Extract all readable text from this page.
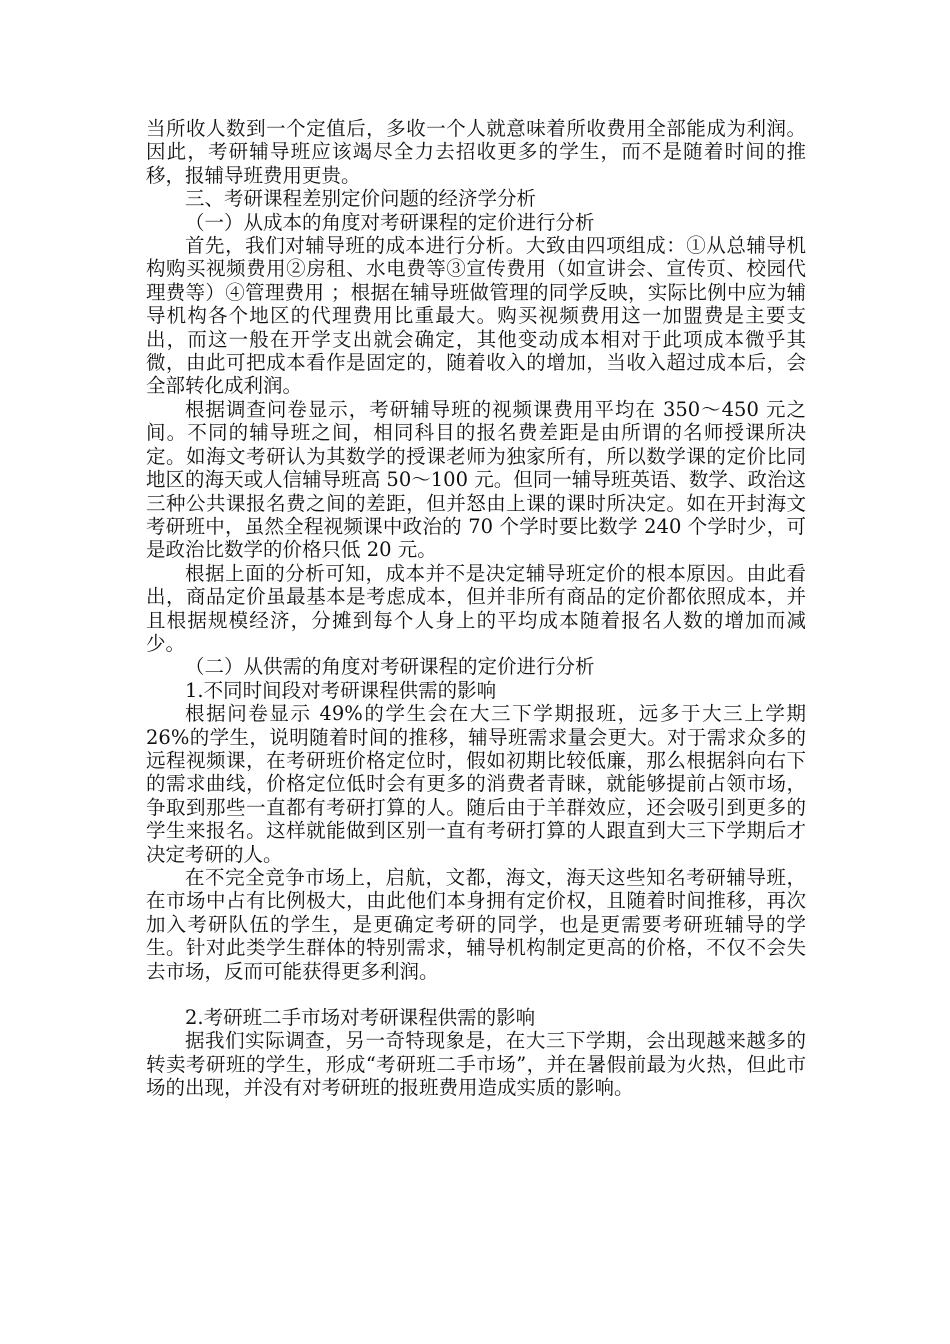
当所收人数到一个定值后，多收一个人就意味着所收费用全部能成为利润。因此，考研辅导班应该竭尽全力去招收更多的学生，而不是随着时间的推移，报辅导班费用更贵。

三、考研课程差别定价问题的经济学分析

（一）从成本的角度对考研课程的定价进行分析

首先，我们对辅导班的成本进行分析。大致由四项组成：①从总辅导机构购买视频费用②房租、水电费等③宣传费用（如宣讲会、宣传页、校园代理费等）④管理费用 ；根据在辅导班做管理的同学反映，实际比例中应为辅导机构各个地区的代理费用比重最大。购买视频费用这一加盟费是主要支出，而这一般在开学支出就会确定，其他变动成本相对于此项成本微乎其微，由此可把成本看作是固定的，随着收入的增加，当收入超过成本后，会全部转化成利润。

根据调查问卷显示，考研辅导班的视频课费用平均在 350～450 元之间。不同的辅导班之间，相同科目的报名费差距是由所谓的名师授课所决定。如海文考研认为其数学的授课老师为独家所有，所以数学课的定价比同地区的海天或人信辅导班高 50～100 元。但同一辅导班英语、数学、政治这三种公共课报名费之间的差距，但并怒由上课的课时所决定。如在开封海文考研班中，虽然全程视频课中政治的 70 个学时要比数学 240 个学时少，可是政治比数学的价格只低 20 元。

根据上面的分析可知，成本并不是决定辅导班定价的根本原因。由此看出，商品定价虽最基本是考虑成本，但并非所有商品的定价都依照成本，并且根据规模经济，分摊到每个人身上的平均成本随着报名人数的增加而减少。

（二）从供需的角度对考研课程的定价进行分析

1.不同时间段对考研课程供需的影响

根据问卷显示 49%的学生会在大三下学期报班，远多于大三上学期 26%的学生，说明随着时间的推移，辅导班需求量会更大。对于需求众多的远程视频课，在考研班价格定位时，假如初期比较低廉，那么根据斜向右下的需求曲线，价格定位低时会有更多的消费者青睐，就能够提前占领市场，争取到那些一直都有考研打算的人。随后由于羊群效应，还会吸引到更多的学生来报名。这样就能做到区别一直有考研打算的人跟直到大三下学期后才决定考研的人。

在不完全竞争市场上，启航，文都，海文，海天这些知名考研辅导班，在市场中占有比例极大，由此他们本身拥有定价权，且随着时间推移，再次加入考研队伍的学生，是更确定考研的同学，也是更需要考研班辅导的学生。针对此类学生群体的特别需求，辅导机构制定更高的价格，不仅不会失去市场，反而可能获得更多利润。

2.考研班二手市场对考研课程供需的影响

据我们实际调查，另一奇特现象是，在大三下学期，会出现越来越多的转卖考研班的学生，形成“考研班二手市场”，并在暑假前最为火热，但此市场的出现，并没有对考研班的报班费用造成实质的影响。
